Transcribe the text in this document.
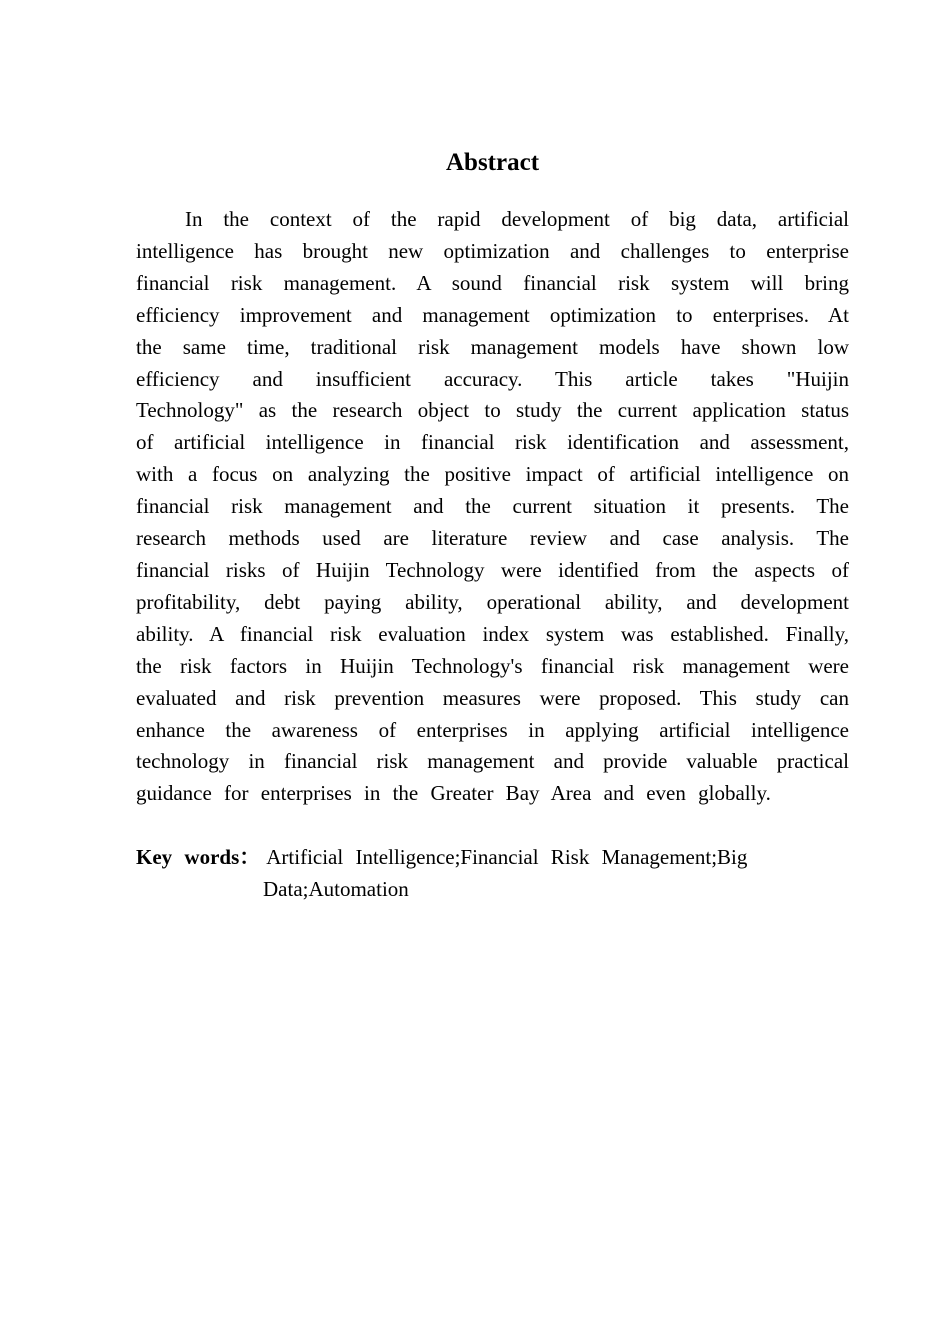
Abstract
In the context of the rapid development of big data, artificial
intelligence has brought new optimization and challenges to enterprise
financial risk management. A sound financial risk system will bring
efficiency improvement and management optimization to enterprises. At
the same time, traditional risk management models have shown low
efficiency and insufficient accuracy. This article takes "Huijin
Technology" as the research object to study the current application status
of artificial intelligence in financial risk identification and assessment,
with a focus on analyzing the positive impact of artificial intelligence on
financial risk management and the current situation it presents. The
research methods used are literature review and case analysis. The
financial risks of Huijin Technology were identified from the aspects of
profitability, debt paying ability, operational ability, and development
ability. A financial risk evaluation index system was established. Finally,
the risk factors in Huijin Technology's financial risk management were
evaluated and risk prevention measures were proposed. This study can
enhance the awareness of enterprises in applying artificial intelligence
technology in financial risk management and provide valuable practical
guidance for enterprises in the Greater Bay Area and even globally.
Key words： Artificial Intelligence;Financial Risk Management;Big
Data;Automation
